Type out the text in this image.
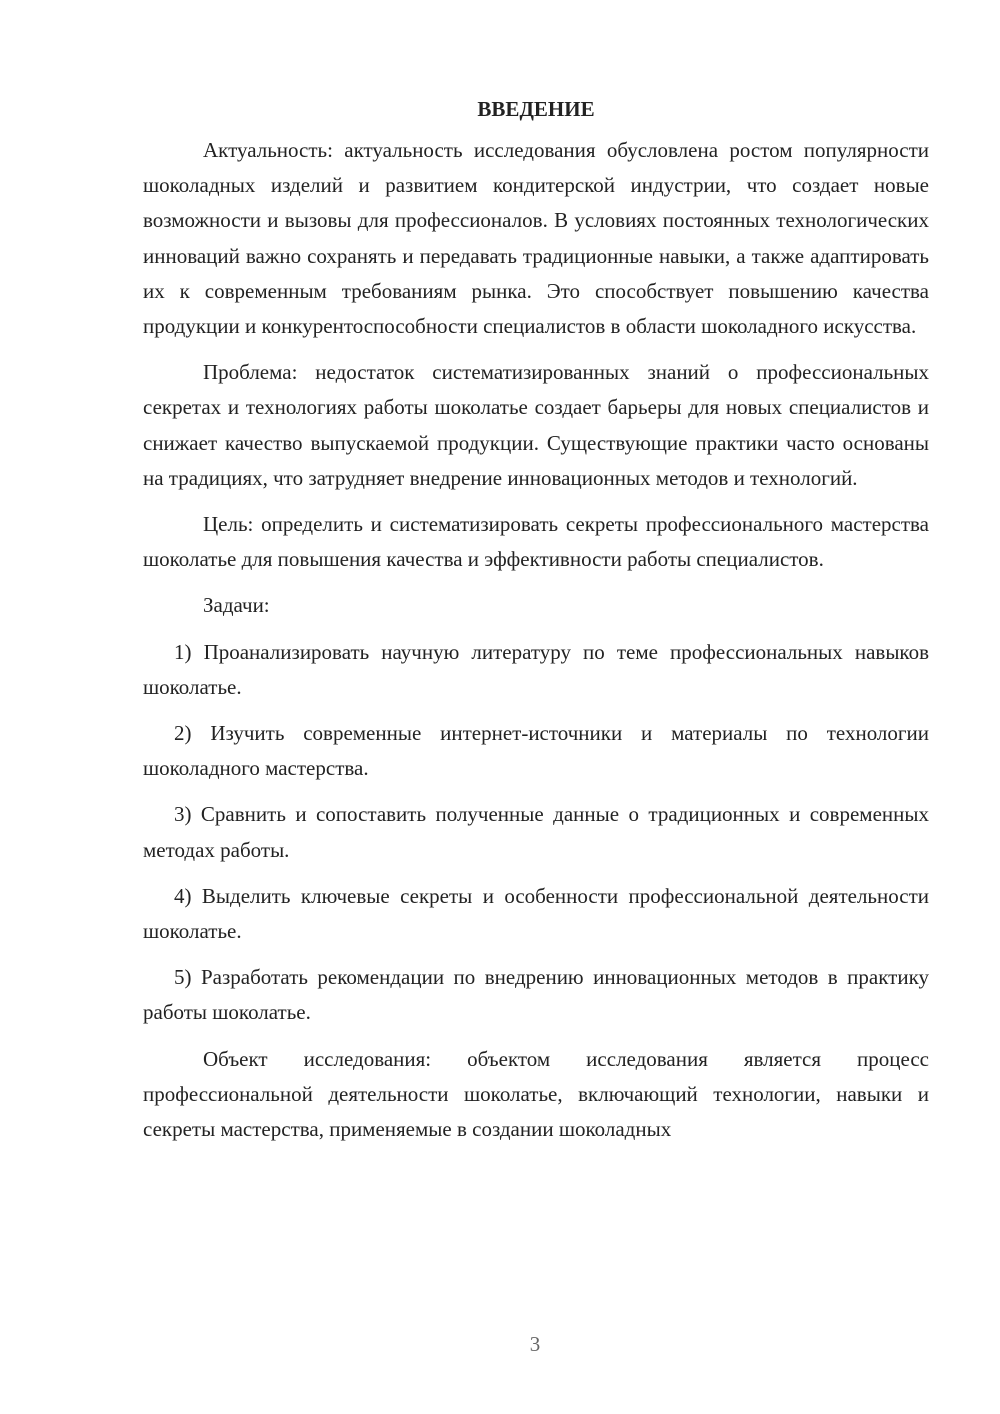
ВВЕДЕНИЕ

Актуальность: актуальность исследования обусловлена ростом популярности шоколадных изделий и развитием кондитерской индустрии, что создает новые возможности и вызовы для профессионалов. В условиях постоянных технологических инноваций важно сохранять и передавать традиционные навыки, а также адаптировать их к современным требованиям рынка. Это способствует повышению качества продукции и конкурентоспособности специалистов в области шоколадного искусства.

Проблема: недостаток систематизированных знаний о профессиональных секретах и технологиях работы шоколатье создает барьеры для новых специалистов и снижает качество выпускаемой продукции. Существующие практики часто основаны на традициях, что затрудняет внедрение инновационных методов и технологий.

Цель: определить и систематизировать секреты профессионального мастерства шоколатье для повышения качества и эффективности работы специалистов.

Задачи:

1) Проанализировать научную литературу по теме профессиональных навыков шоколатье.

2) Изучить современные интернет-источники и материалы по технологии шоколадного мастерства.

3) Сравнить и сопоставить полученные данные о традиционных и современных методах работы.

4) Выделить ключевые секреты и особенности профессиональной деятельности шоколатье.

5) Разработать рекомендации по внедрению инновационных методов в практику работы шоколатье.

Объект исследования: объектом исследования является процесс профессиональной деятельности шоколатье, включающий технологии, навыки и секреты мастерства, применяемые в создании шоколадных

3
